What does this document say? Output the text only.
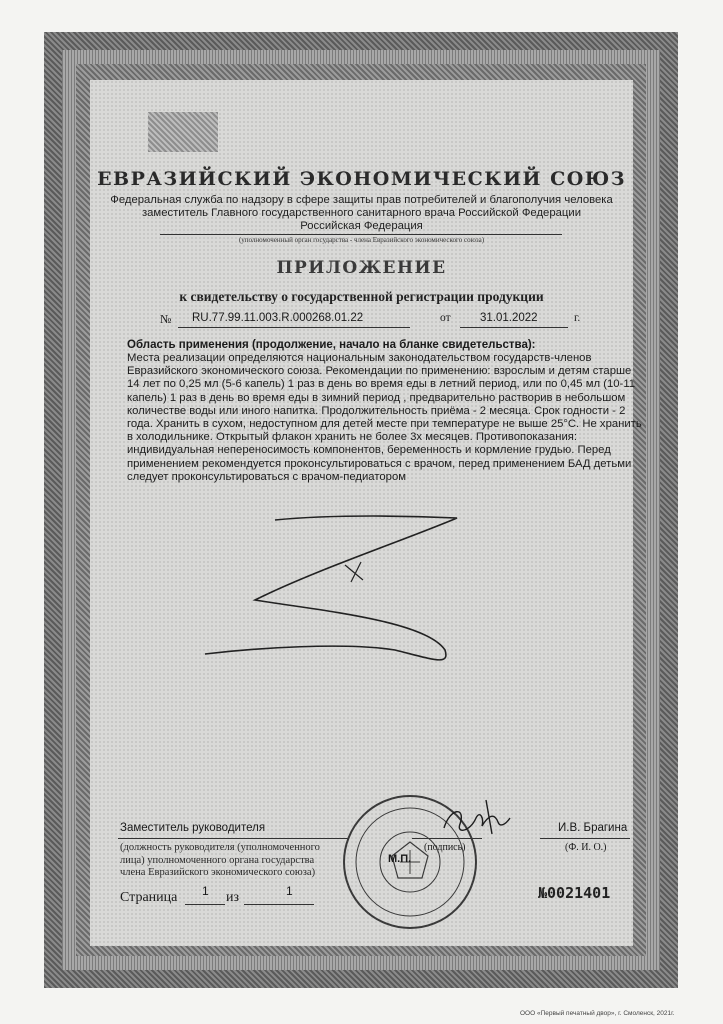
ЕВРАЗИЙСКИЙ ЭКОНОМИЧЕСКИЙ СОЮЗ
Федеральная служба по надзору в сфере защиты прав потребителей и благополучия человека
заместитель Главного государственного санитарного врача Российской Федерации
Российская Федерация
(уполномоченный орган государства - члена Евразийского экономического союза)
ПРИЛОЖЕНИЕ
к свидетельству о государственной регистрации продукции
№ RU.77.99.11.003.R.000268.01.22	от	31.01.2022	г.
Область применения (продолжение, начало на бланке свидетельства):
Места реализации определяются национальным законодательством государств-членов
Евразийского экономического союза. Рекомендации по применению: взрослым и детям старше
14 лет по 0,25 мл (5-6 капель) 1 раз в день во время еды в летний период, или по 0,45 мл (10-11
капель) 1 раз в день во время еды в зимний период , предварительно растворив в небольшом
количестве воды или иного напитка. Продолжительность приёма - 2 месяца. Срок годности - 2
года. Хранить в сухом, недоступном для детей месте при температуре не выше 25°С. Не хранить
в холодильнике. Открытый флакон хранить не более 3х месяцев. Противопоказания:
индивидуальная непереносимость компонентов, беременность и кормление грудью. Перед
применением рекомендуется проконсультироваться с врачом, перед применением БАД детьми
следует проконсультироваться с врачом-педиатором
Заместитель руководителя	И.В. Брагина
(должность руководителя (уполномоченного
лица) уполномоченного органа государства
члена Евразийского экономического союза)
(подпись)	(Ф. И. О.)
М.П.
Страница 1 из	1	№0021401
ООО «Первый печатный двор», г. Смоленск, 2021г.
